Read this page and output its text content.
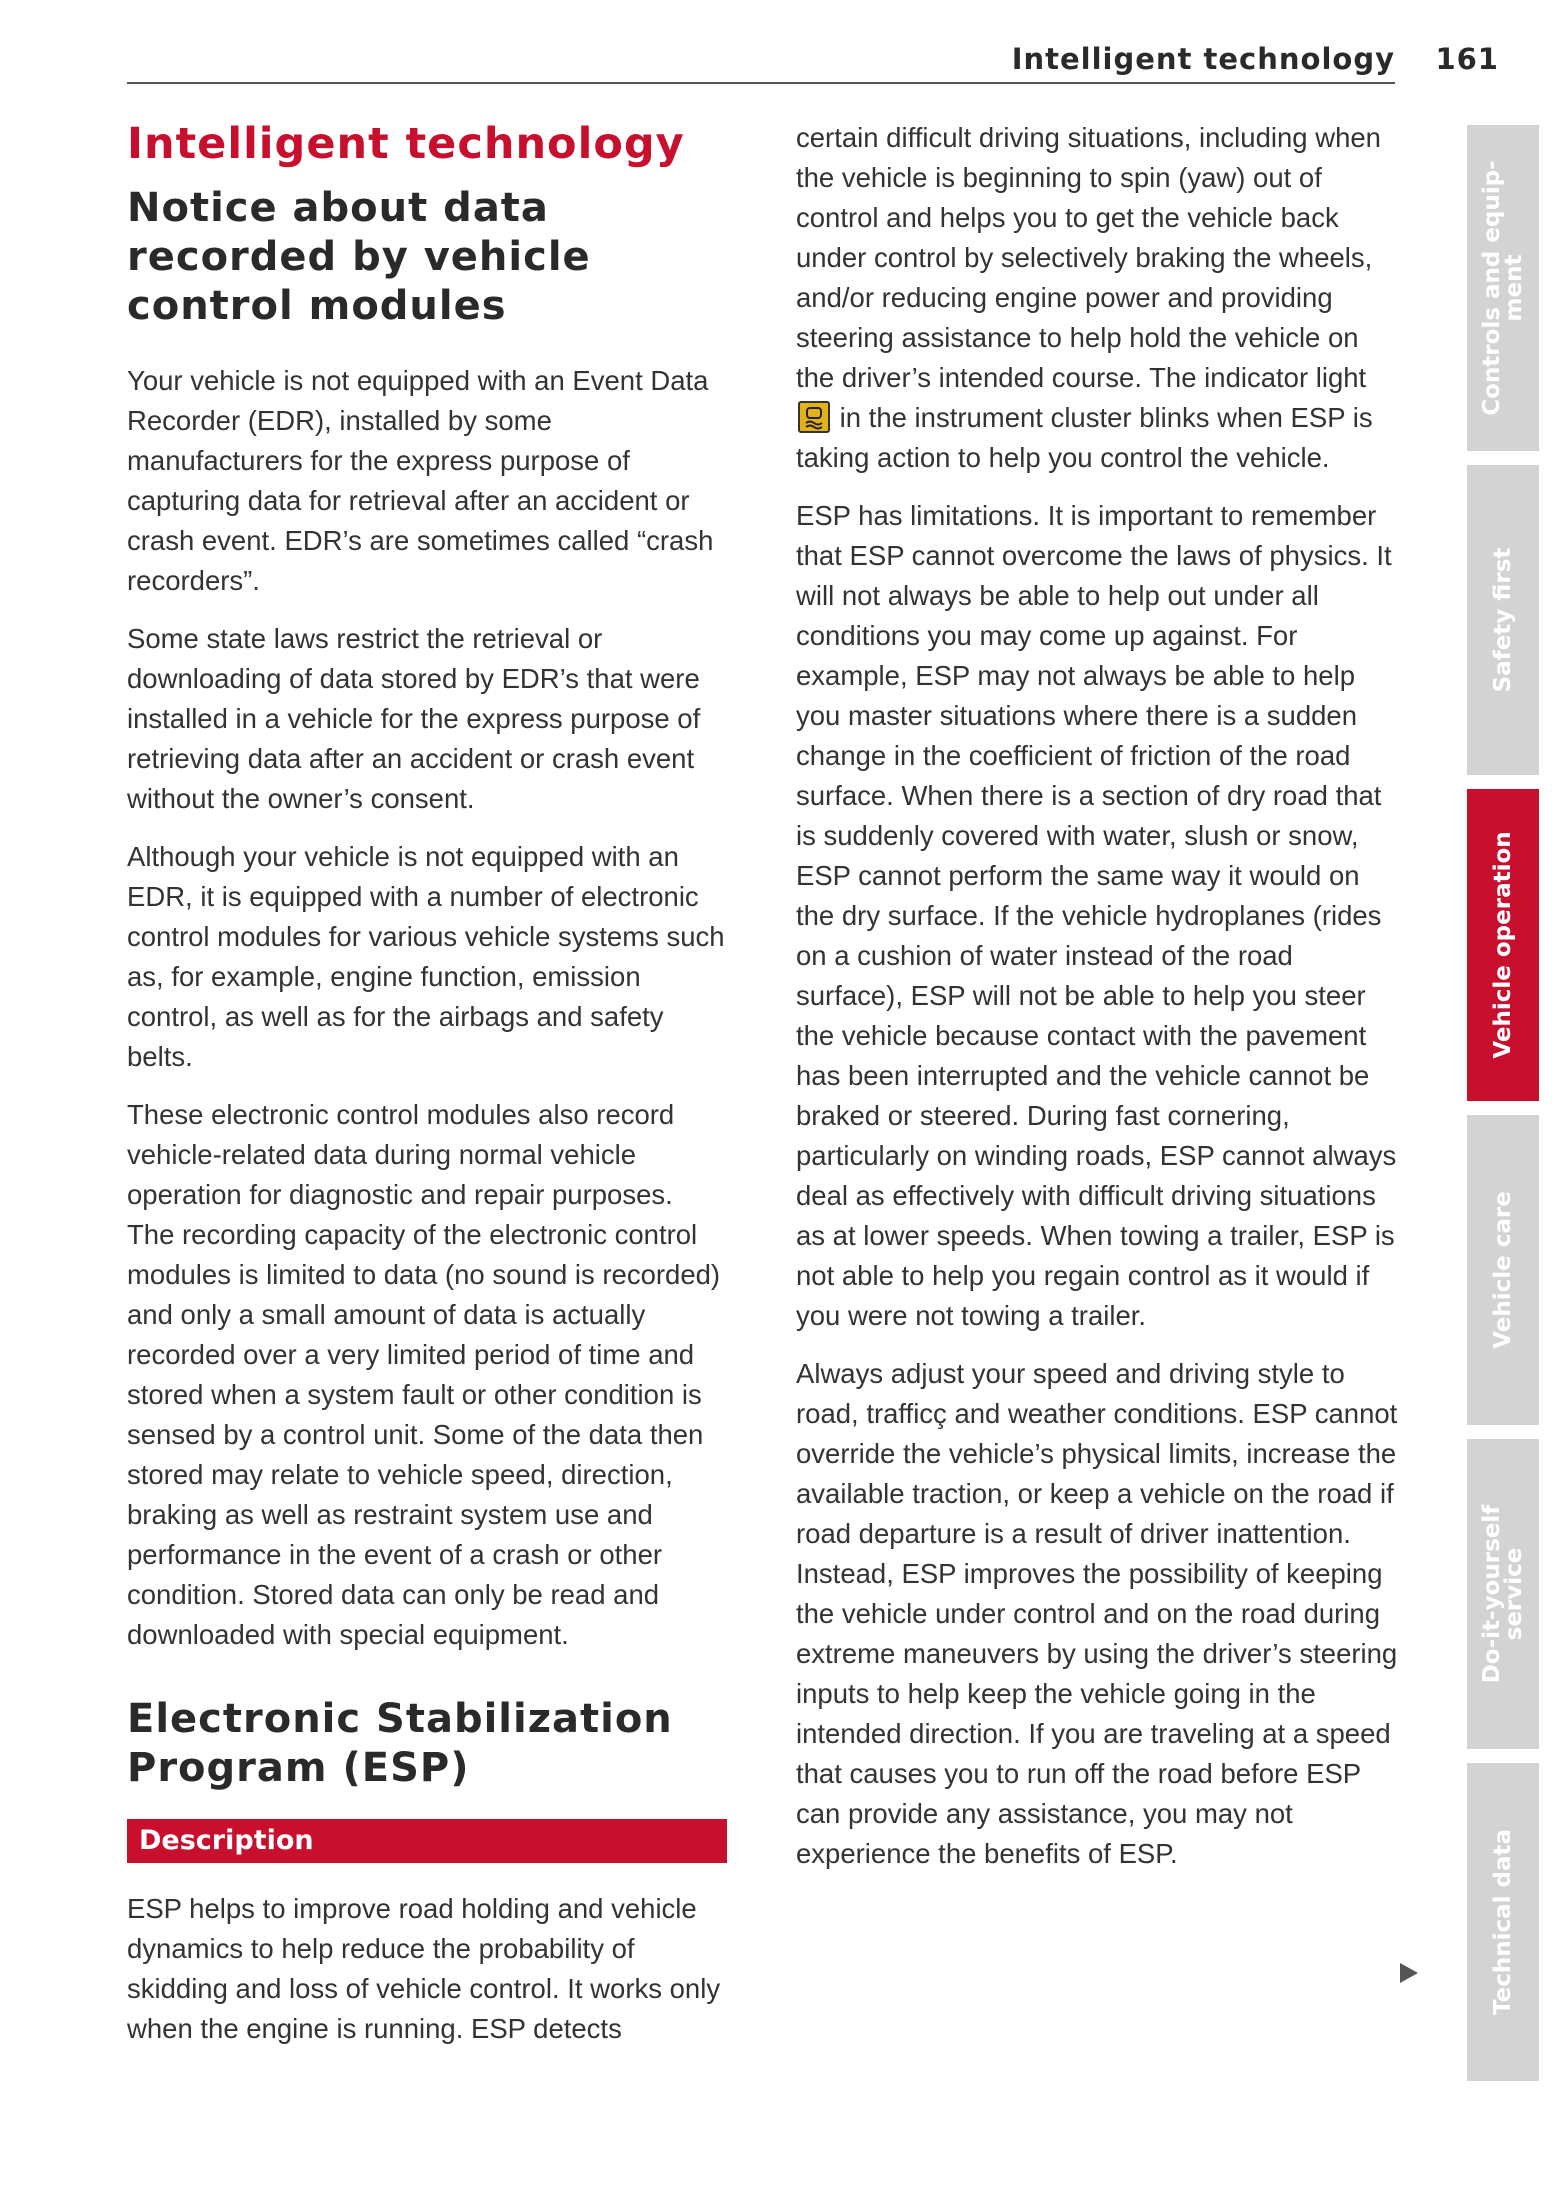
Intelligent technology 161
Intelligent technology
Notice about data recorded by vehicle control modules

Your vehicle is not equipped with an Event Data Recorder (EDR), installed by some manufacturers for the express purpose of capturing data for retrieval after an accident or crash event. EDR’s are sometimes called “crash recorders”.

Some state laws restrict the retrieval or downloading of data stored by EDR’s that were installed in a vehicle for the express purpose of retrieving data after an accident or crash event without the owner’s consent.

Although your vehicle is not equipped with an EDR, it is equipped with a number of electronic control modules for various vehicle systems such as, for example, engine function, emission control, as well as for the airbags and safety belts.

These electronic control modules also record vehicle-related data during normal vehicle operation for diagnostic and repair purposes. The recording capacity of the electronic control modules is limited to data (no sound is recorded) and only a small amount of data is actually recorded over a very limited period of time and stored when a system fault or other condition is sensed by a control unit. Some of the data then stored may relate to vehicle speed, direction, braking as well as restraint system use and performance in the event of a crash or other condition. Stored data can only be read and downloaded with special equipment.

Electronic Stabilization Program (ESP)
Description

ESP helps to improve road holding and vehicle dynamics to help reduce the probability of skidding and loss of vehicle control. It works only when the engine is running. ESP detects

certain difficult driving situations, including when the vehicle is beginning to spin (yaw) out of control and helps you to get the vehicle back under control by selectively braking the wheels, and/or reducing engine power and providing steering assistance to help hold the vehicle on the driver’s intended course. The indicator light
in the instrument cluster blinks when ESP is taking action to help you control the vehicle.

ESP has limitations. It is important to remember that ESP cannot overcome the laws of physics. It will not always be able to help out under all conditions you may come up against. For example, ESP may not always be able to help you master situations where there is a sudden change in the coefficient of friction of the road surface. When there is a section of dry road that is suddenly covered with water, slush or snow, ESP cannot perform the same way it would on the dry surface. If the vehicle hydroplanes (rides on a cushion of water instead of the road surface), ESP will not be able to help you steer the vehicle because contact with the pavement has been interrupted and the vehicle cannot be braked or steered. During fast cornering, particularly on winding roads, ESP cannot always deal as effectively with difficult driving situations as at lower speeds. When towing a trailer, ESP is not able to help you regain control as it would if you were not towing a trailer.

Always adjust your speed and driving style to road, trafficç and weather conditions. ESP cannot override the vehicle’s physical limits, increase the available traction, or keep a vehicle on the road if road departure is a result of driver inattention. Instead, ESP improves the possibility of keeping the vehicle under control and on the road during extreme maneuvers by using the driver’s steering inputs to help keep the vehicle going in the intended direction. If you are traveling at a speed that causes you to run off the road before ESP can provide any assistance, you may not experience the benefits of ESP.

Controls and equip-
ment
Safety first
Vehicle operation
Vehicle care
Do-it-yourself
service
Technical data
